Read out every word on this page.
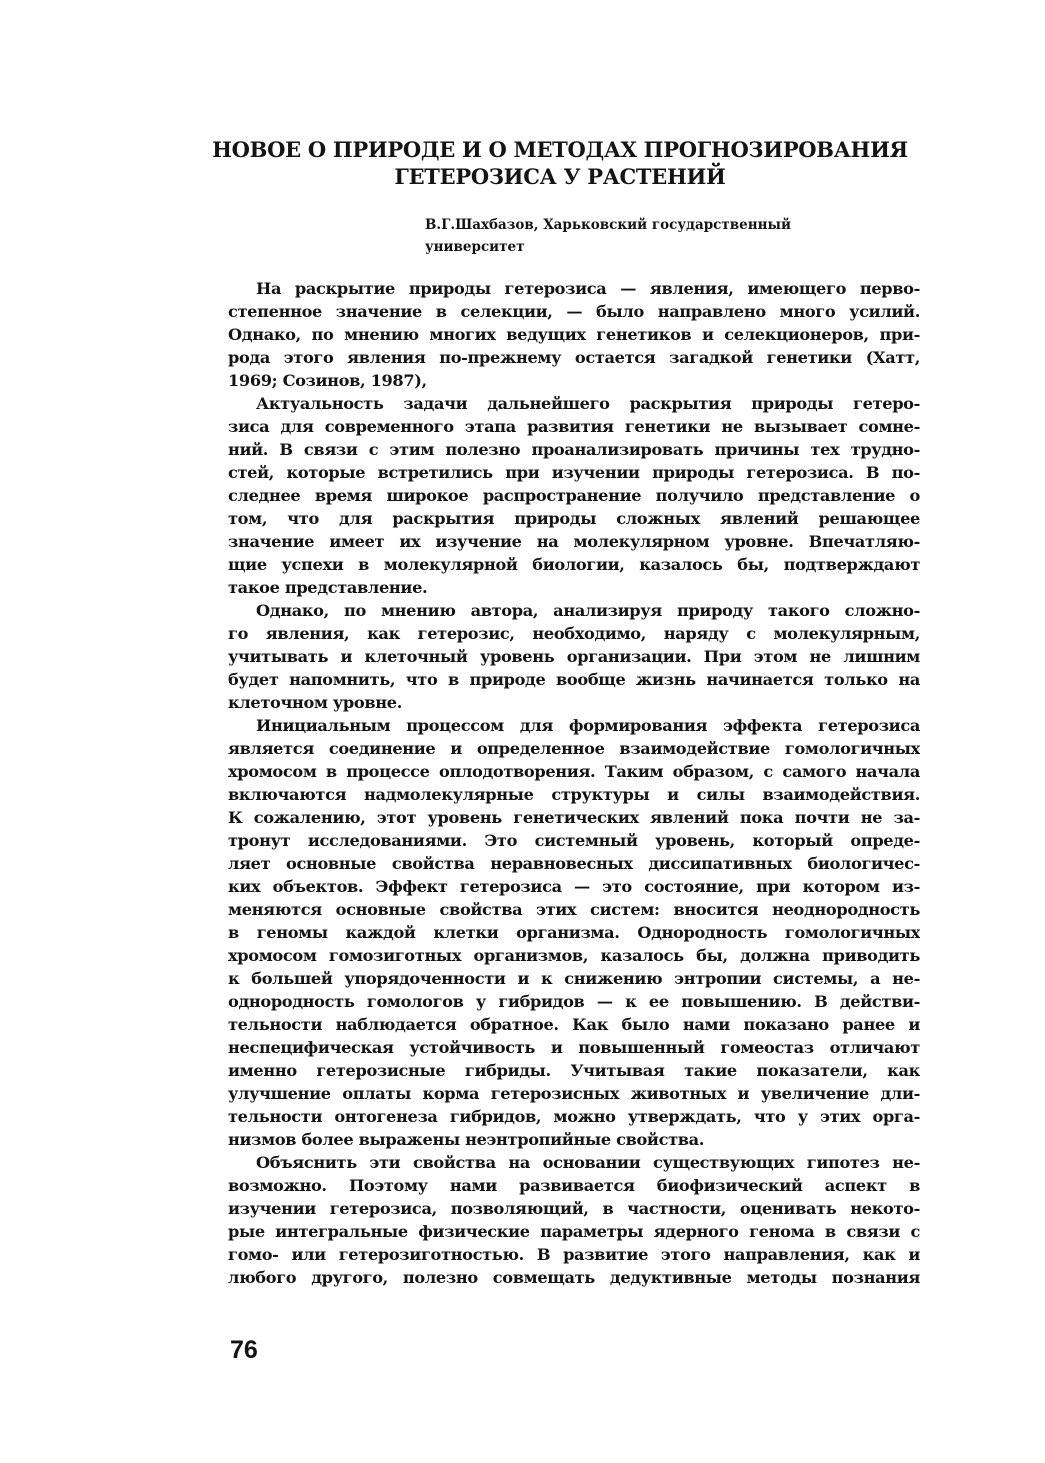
НОВОЕ О ПРИРОДЕ И О МЕТОДАХ ПРОГНОЗИРОВАНИЯ
ГЕТЕРОЗИСА У РАСТЕНИЙ
В.Г.Шахбазов, Харьковский государственный
университет
На раскрытие природы гетерозиса — явления, имеющего перво-
степенное значение в селекции, — было направлено много усилий.
Однако, по мнению многих ведущих генетиков и селекционеров, при-
рода этого явления по-прежнему остается загадкой генетики (Хатт,
1969; Созинов, 1987),
Актуальность задачи дальнейшего раскрытия природы гетеро-
зиса для современного этапа развития генетики не вызывает сомне-
ний. В связи с этим полезно проанализировать причины тех трудно-
стей, которые встретились при изучении природы гетерозиса. В по-
следнее время широкое распространение получило представление о
том, что для раскрытия природы сложных явлений решающее
значение имеет их изучение на молекулярном уровне. Впечатляю-
щие успехи в молекулярной биологии, казалось бы, подтверждают
такое представление.
Однако, по мнению автора, анализируя природу такого сложно-
го явления, как гетерозис, необходимо, наряду с молекулярным,
учитывать и клеточный уровень организации. При этом не лишним
будет напомнить, что в природе вообще жизнь начинается только на
клеточном уровне.
Инициальным процессом для формирования эффекта гетерозиса
является соединение и определенное взаимодействие гомологичных
хромосом в процессе оплодотворения. Таким образом, с самого начала
включаются надмолекулярные структуры и силы взаимодействия.
К сожалению, этот уровень генетических явлений пока почти не за-
тронут исследованиями. Это системный уровень, который опреде-
ляет основные свойства неравновесных диссипативных биологичес-
ких объектов. Эффект гетерозиса — это состояние, при котором из-
меняются основные свойства этих систем: вносится неоднородность
в геномы каждой клетки организма. Однородность гомологичных
хромосом гомозиготных организмов, казалось бы, должна приводить
к большей упорядоченности и к снижению энтропии системы, а не-
однородность гомологов у гибридов — к ее повышению. В действи-
тельности наблюдается обратное. Как было нами показано ранее и
неспецифическая устойчивость и повышенный гомеостаз отличают
именно гетерозисные гибриды. Учитывая такие показатели, как
улучшение оплаты корма гетерозисных животных и увеличение дли-
тельности онтогенеза гибридов, можно утверждать, что у этих орга-
низмов более выражены неэнтропийные свойства.
Объяснить эти свойства на основании существующих гипотез не-
возможно. Поэтому нами развивается биофизический аспект в
изучении гетерозиса, позволяющий, в частности, оценивать некото-
рые интегральные физические параметры ядерного генома в связи с
гомо- или гетерозиготностью. В развитие этого направления, как и
любого другого, полезно совмещать дедуктивные методы познания
76
